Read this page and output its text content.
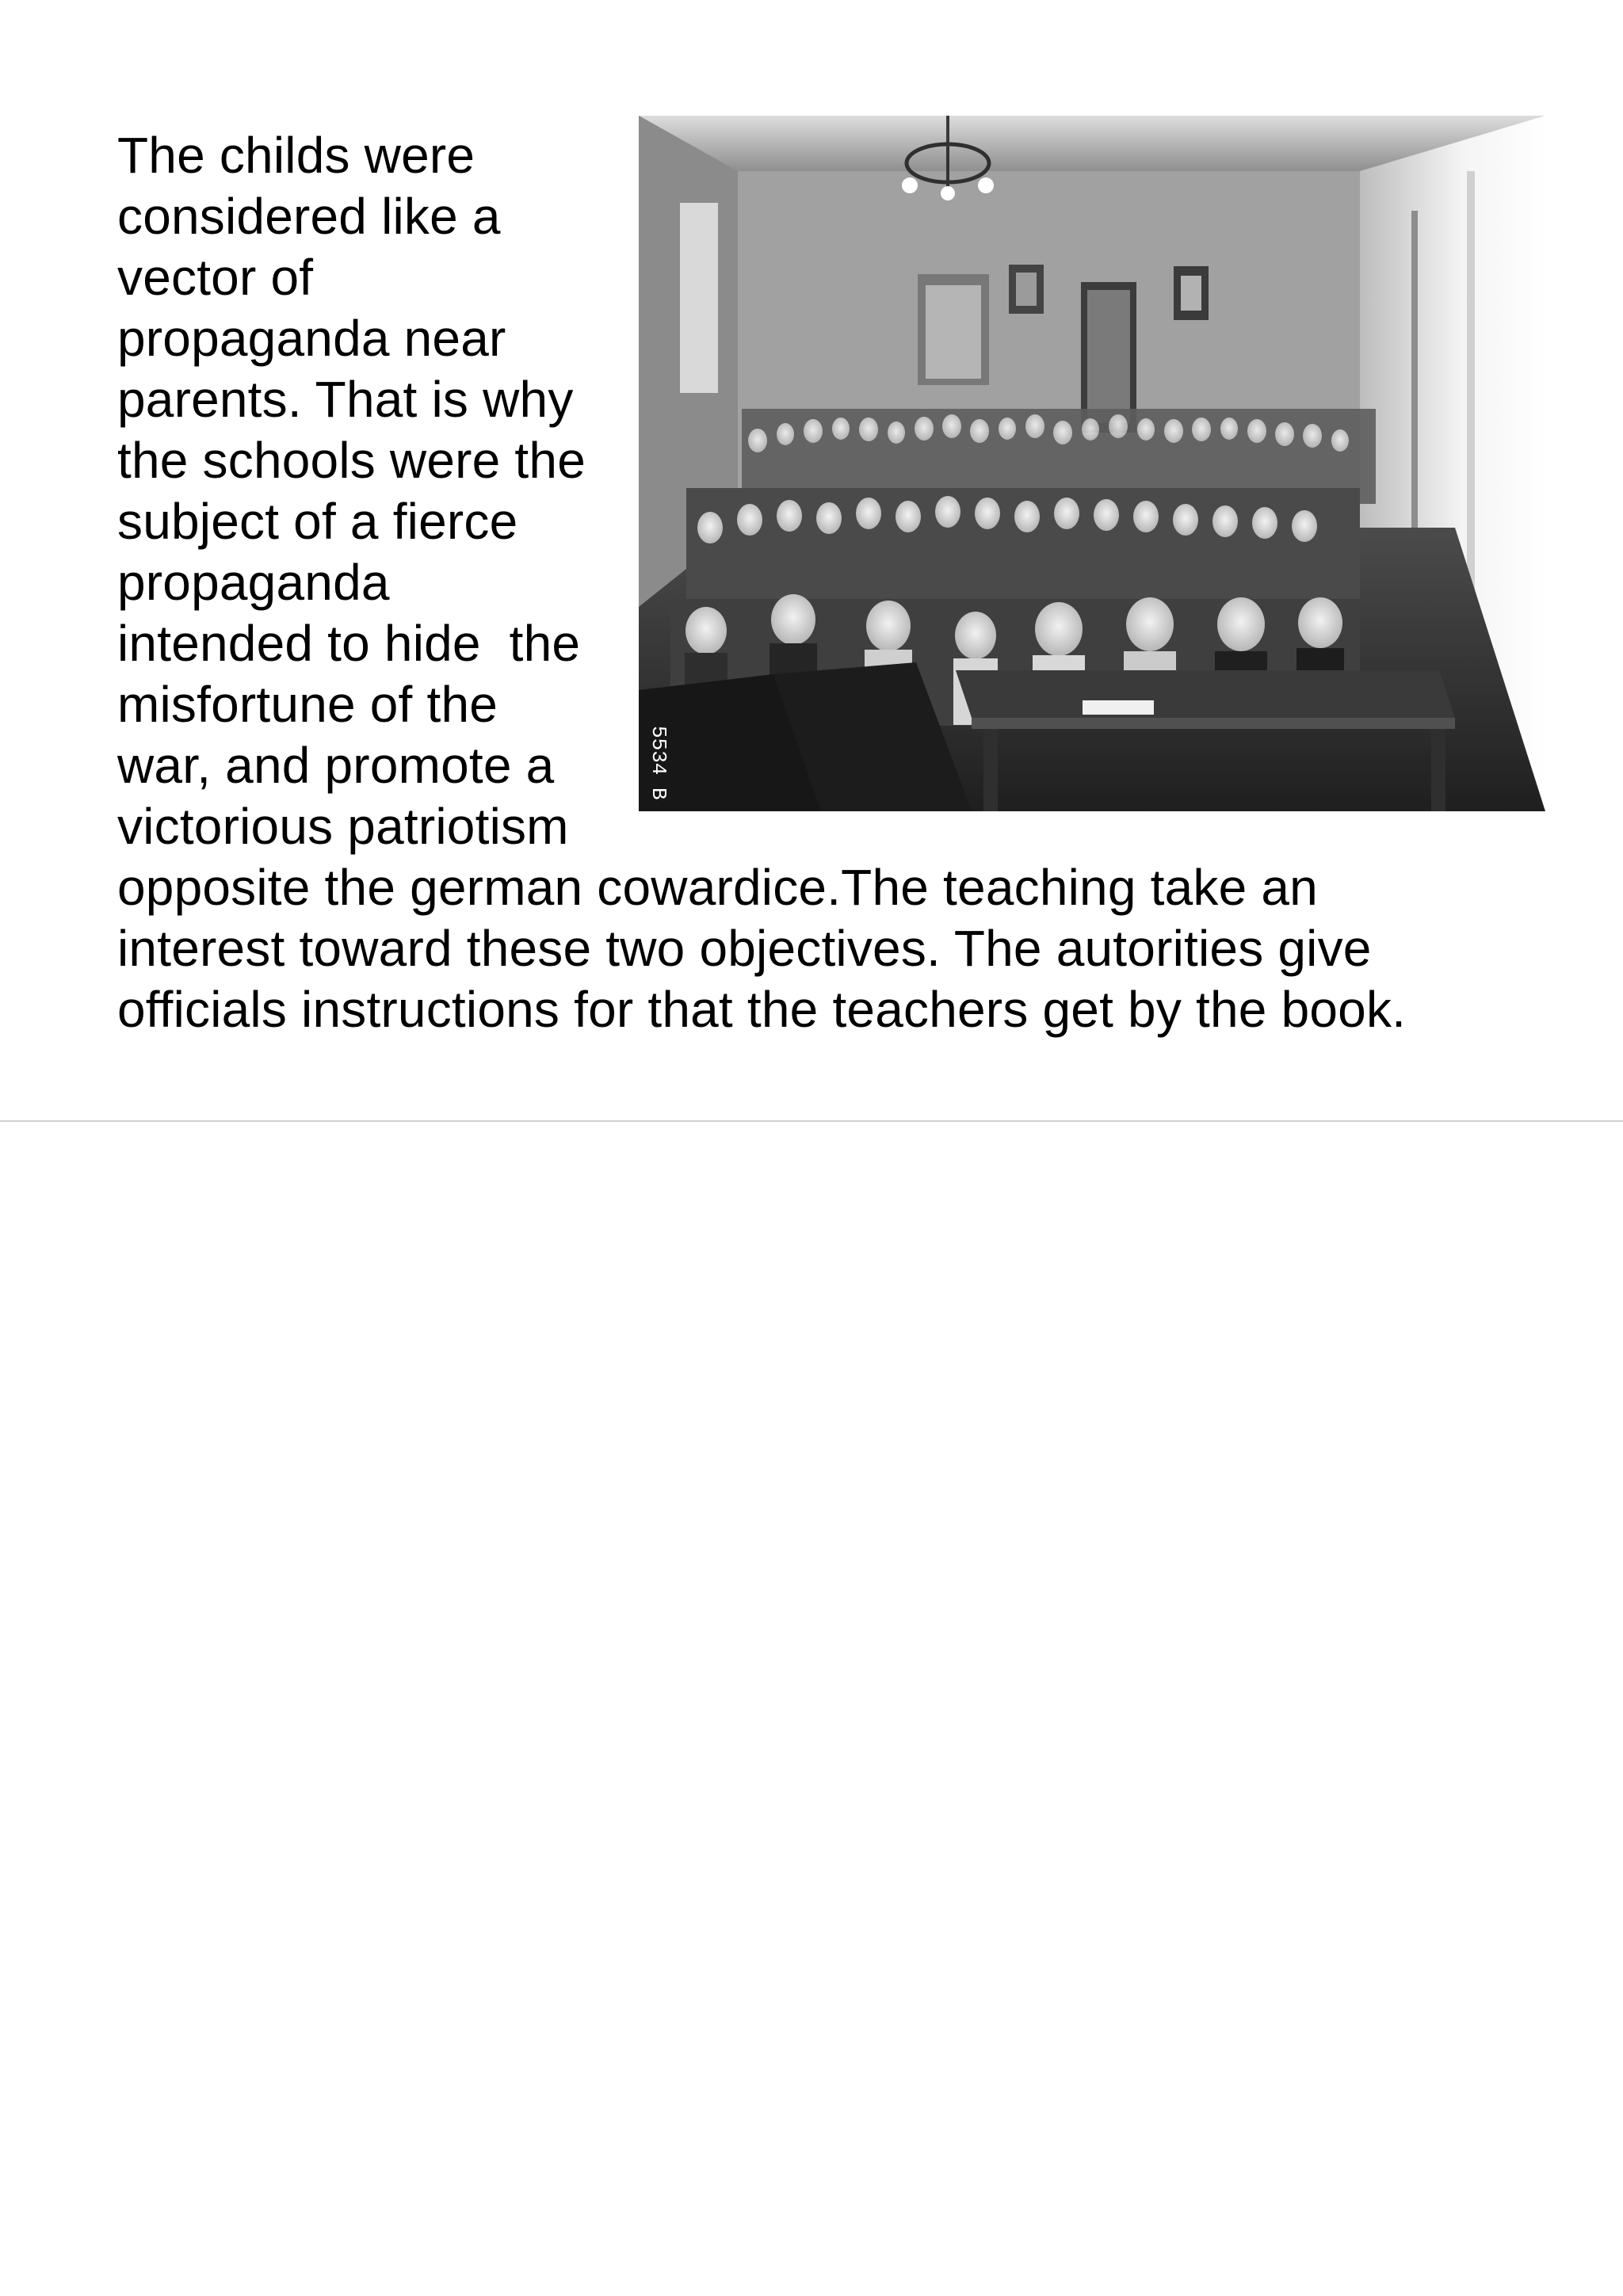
The childs were
considered like a
vector of
propaganda near
parents. That is why
the schools were the
subject of a fierce
propaganda
intended to hide  the
misfortune of the
war, and promote a
victorious patriotism
opposite the german cowardice.The teaching take an
interest toward these two objectives. The autorities give
officials instructions for that the teachers get by the book.
5534 B
